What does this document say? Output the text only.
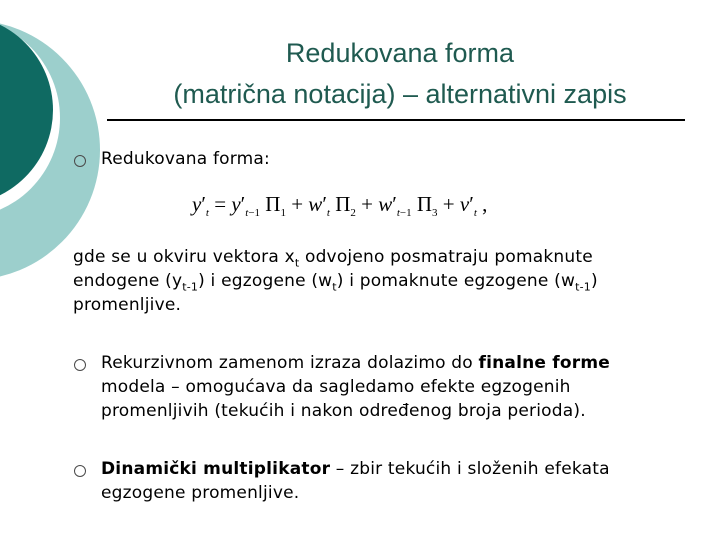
Redukovana forma
(matrična notacija) – alternativni zapis
Redukovana forma:
$y'_t = y'_{t-1}$ $\Pi_1 + w'_t$ $\Pi_2 + w'_{t-1}$ $\Pi_3 + v'_t$ ,
gde se u okviru vektora $x_t$ odvojeno posmatraju pomaknute
endogene $(y_{t-1})$ i egzogene $(w_t)$ i pomaknute egzogene $(w_{t-1})$
promenljive.
Rekurzivnom zamenom izraza dolazimo do finalne forme
modela – omogućava da sagledamo efekte egzogenih
promenljivih (tekućih i nakon određenog broja perioda).
Dinamički multiplikator – zbir tekućih i složenih efekata
egzogene promenljive.
